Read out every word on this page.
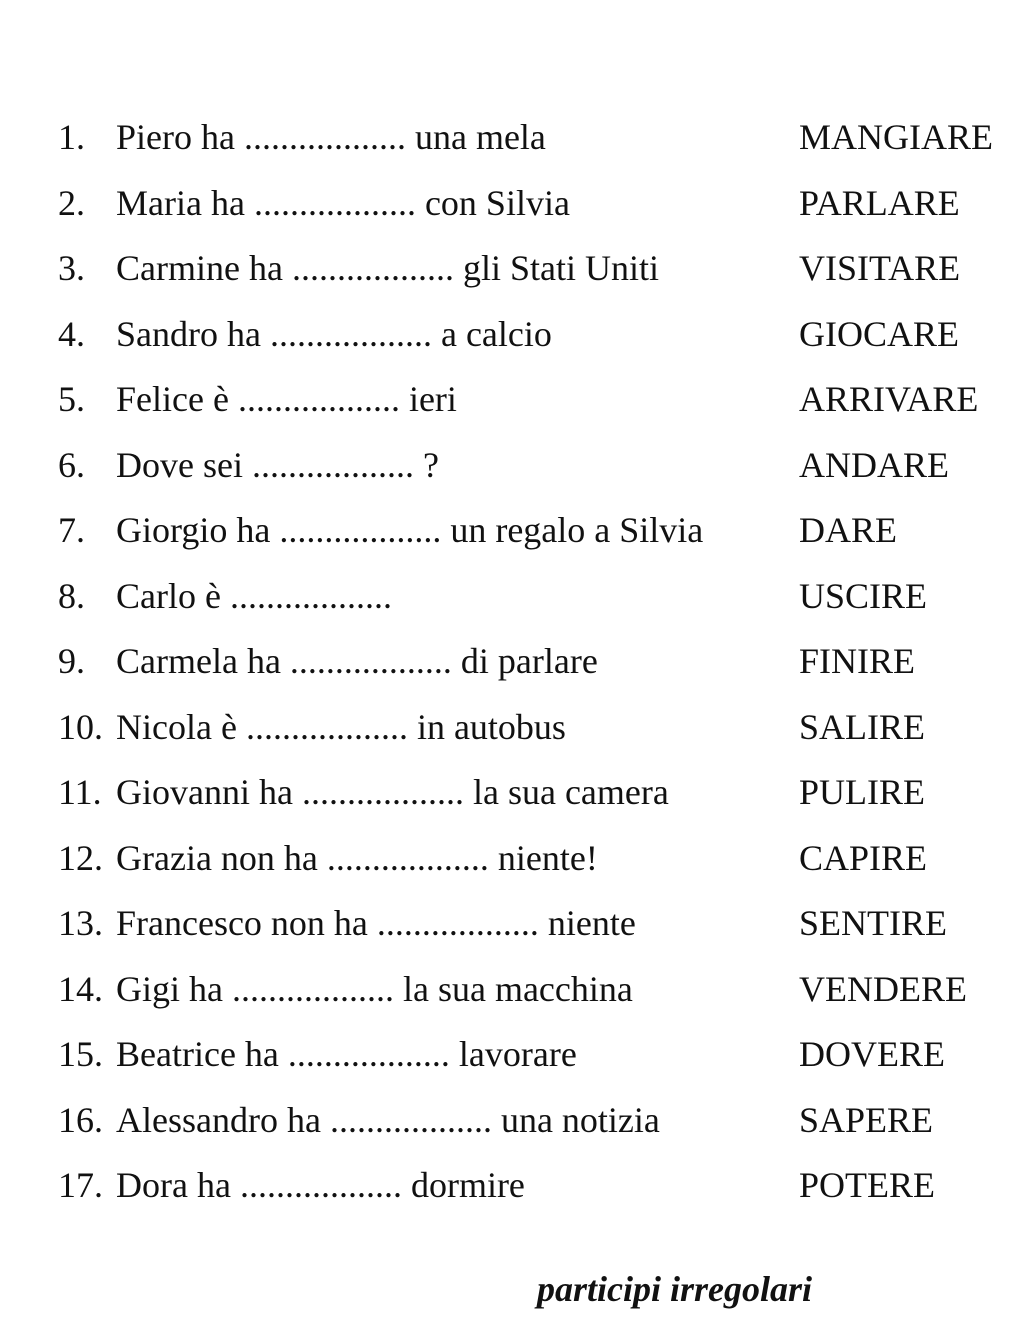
1. Piero ha .................. una mela	MANGIARE
2. Maria ha .................. con Silvia	PARLARE
3. Carmine ha .................. gli Stati Uniti	VISITARE
4. Sandro ha .................. a calcio	GIOCARE
5. Felice è .................. ieri	ARRIVARE
6. Dove sei .................. ?	ANDARE
7. Giorgio ha .................. un regalo a Silvia	DARE
8. Carlo è ..................	USCIRE
9. Carmela ha .................. di parlare	FINIRE
10. Nicola è .................. in autobus	SALIRE
11. Giovanni ha .................. la sua camera	PULIRE
12. Grazia non ha .................. niente!	CAPIRE
13. Francesco non ha .................. niente	SENTIRE
14. Gigi ha .................. la sua macchina	VENDERE
15. Beatrice ha .................. lavorare	DOVERE
16. Alessandro ha .................. una notizia	SAPERE
17. Dora ha .................. dormire	POTERE
participi irregolari
